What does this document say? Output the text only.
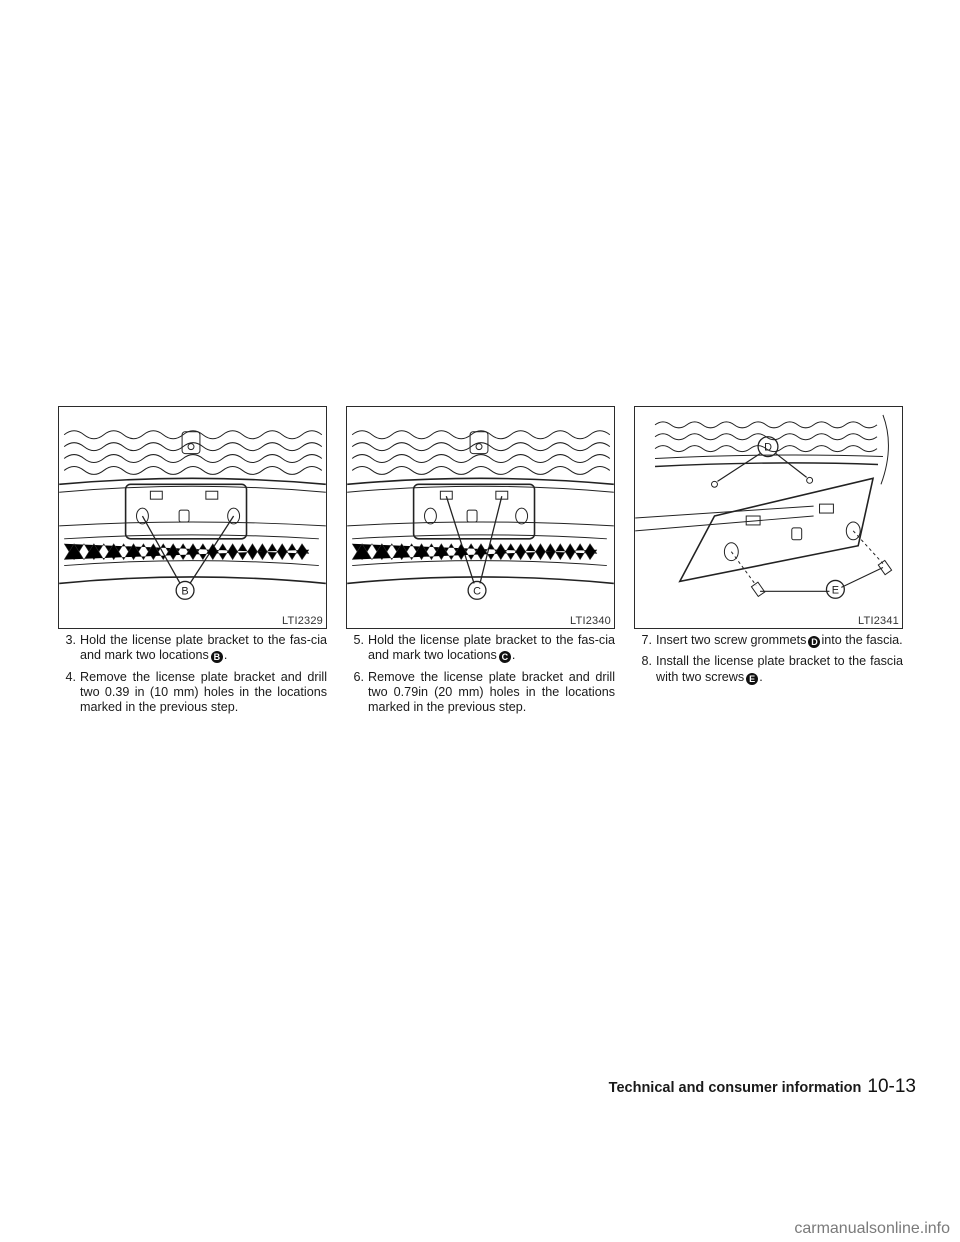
B
LTI2329
C
LTI2340
D
E
LTI2341
3. Hold the license plate bracket to the fas-cia and mark two locations B .
4. Remove the license plate bracket and drill two 0.39 in (10 mm) holes in the locations marked in the previous step.
5. Hold the license plate bracket to the fas-cia and mark two locations C .
6. Remove the license plate bracket and drill two 0.79in (20 mm) holes in the locations marked in the previous step.
7. Insert two screw grommets D into the fascia.
8. Install the license plate bracket to the fascia with two screws E .
Technical and consumer information 10-13
carmanualsonline.info
